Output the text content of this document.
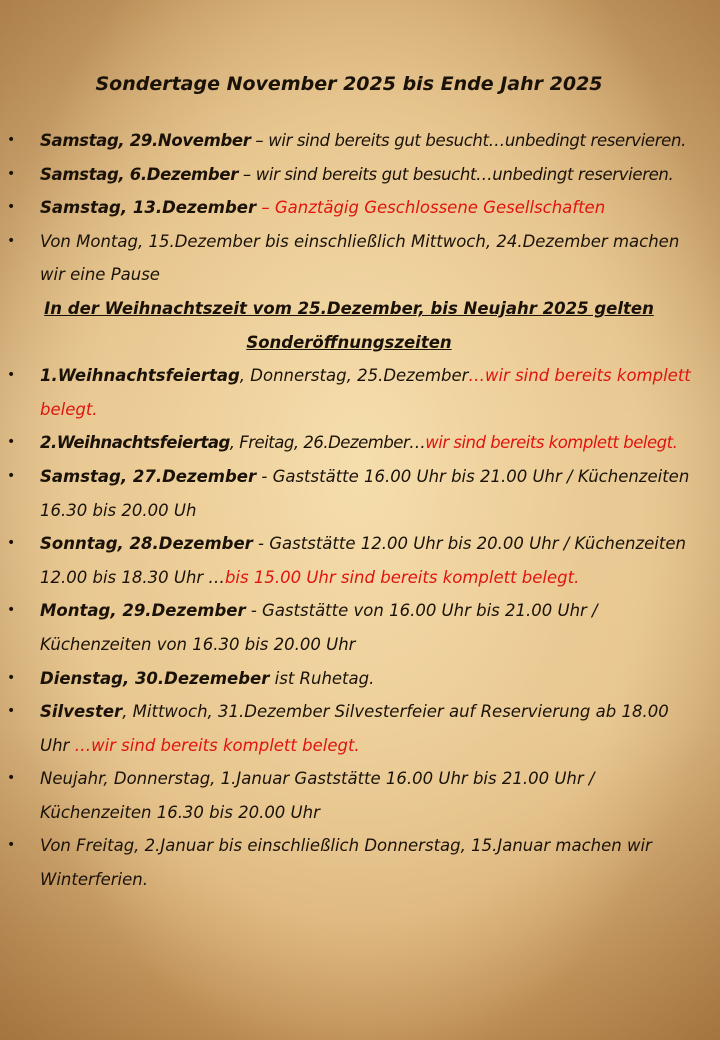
Sondertage November 2025 bis Ende Jahr 2025
• Samstag, 29.November – wir sind bereits gut besucht…unbedingt reservieren.
• Samstag, 6.Dezember – wir sind bereits gut besucht…unbedingt reservieren.
• Samstag, 13.Dezember – Ganztägig Geschlossene Gesellschaften
• Von Montag, 15.Dezember bis einschließlich Mittwoch, 24.Dezember machen wir eine Pause
In der Weihnachtszeit vom 25.Dezember, bis Neujahr 2025 gelten Sonderöffnungszeiten
• 1.Weihnachtsfeiertag, Donnerstag, 25.Dezember…wir sind bereits komplett belegt.
• 2.Weihnachtsfeiertag, Freitag, 26.Dezember…wir sind bereits komplett belegt.
• Samstag, 27.Dezember - Gaststätte 16.00 Uhr bis 21.00 Uhr / Küchenzeiten 16.30 bis 20.00 Uh
• Sonntag, 28.Dezember - Gaststätte 12.00 Uhr bis 20.00 Uhr / Küchenzeiten 12.00 bis 18.30 Uhr …bis 15.00 Uhr sind bereits komplett belegt.
• Montag, 29.Dezember - Gaststätte von 16.00 Uhr bis 21.00 Uhr / Küchenzeiten von 16.30 bis 20.00 Uhr
• Dienstag, 30.Dezemeber ist Ruhetag.
• Silvester, Mittwoch, 31.Dezember Silvesterfeier auf Reservierung ab 18.00 Uhr …wir sind bereits komplett belegt.
• Neujahr, Donnerstag, 1.Januar Gaststätte 16.00 Uhr bis 21.00 Uhr / Küchenzeiten 16.30 bis 20.00 Uhr
• Von Freitag, 2.Januar bis einschließlich Donnerstag, 15.Januar machen wir Winterferien.
